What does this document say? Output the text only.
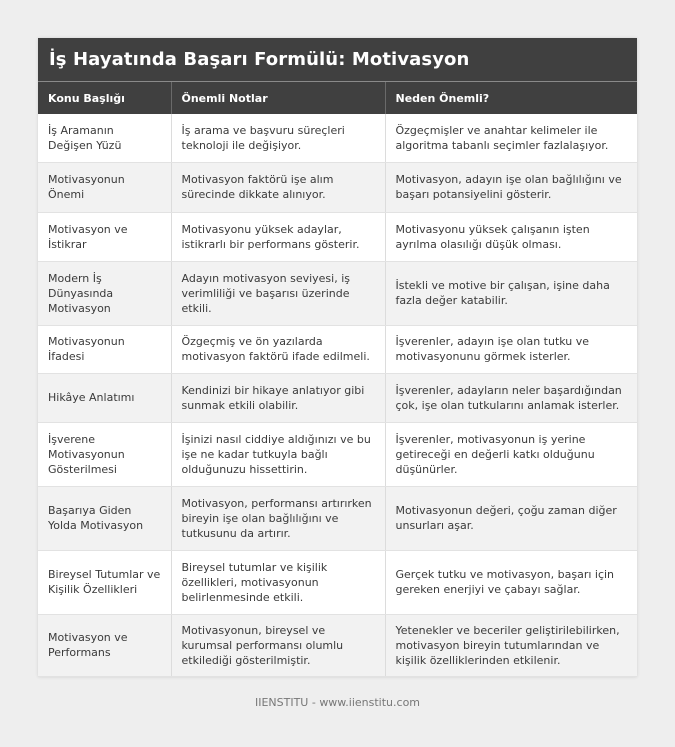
İş Hayatında Başarı Formülü: Motivasyon
Konu Başlığı	Önemli Notlar	Neden Önemli?
İş Aramanın Değişen Yüzü	İş arama ve başvuru süreçleri teknoloji ile değişiyor.	Özgeçmişler ve anahtar kelimeler ile algoritma tabanlı seçimler fazlalaşıyor.
Motivasyonun Önemi	Motivasyon faktörü işe alım sürecinde dikkate alınıyor.	Motivasyon, adayın işe olan bağlılığını ve başarı potansiyelini gösterir.
Motivasyon ve İstikrar	Motivasyonu yüksek adaylar, istikrarlı bir performans gösterir.	Motivasyonu yüksek çalışanın işten ayrılma olasılığı düşük olması.
Modern İş Dünyasında Motivasyon	Adayın motivasyon seviyesi, iş verimliliği ve başarısı üzerinde etkili.	İstekli ve motive bir çalışan, işine daha fazla değer katabilir.
Motivasyonun İfadesi	Özgeçmiş ve ön yazılarda motivasyon faktörü ifade edilmeli.	İşverenler, adayın işe olan tutku ve motivasyonunu görmek isterler.
Hikâye Anlatımı	Kendinizi bir hikaye anlatıyor gibi sunmak etkili olabilir.	İşverenler, adayların neler başardığından çok, işe olan tutkularını anlamak isterler.
İşverene Motivasyonun Gösterilmesi	İşinizi nasıl ciddiye aldığınızı ve bu işe ne kadar tutkuyla bağlı olduğunuzu hissettirin.	İşverenler, motivasyonun iş yerine getireceği en değerli katkı olduğunu düşünürler.
Başarıya Giden Yolda Motivasyon	Motivasyon, performansı artırırken bireyin işe olan bağlılığını ve tutkusunu da artırır.	Motivasyonun değeri, çoğu zaman diğer unsurları aşar.
Bireysel Tutumlar ve Kişilik Özellikleri	Bireysel tutumlar ve kişilik özellikleri, motivasyonun belirlenmesinde etkili.	Gerçek tutku ve motivasyon, başarı için gereken enerjiyi ve çabayı sağlar.
Motivasyon ve Performans	Motivasyonun, bireysel ve kurumsal performansı olumlu etkilediği gösterilmiştir.	Yetenekler ve beceriler geliştirilebilirken, motivasyon bireyin tutumlarından ve kişilik özelliklerinden etkilenir.
IIENSTITU - www.iienstitu.com
